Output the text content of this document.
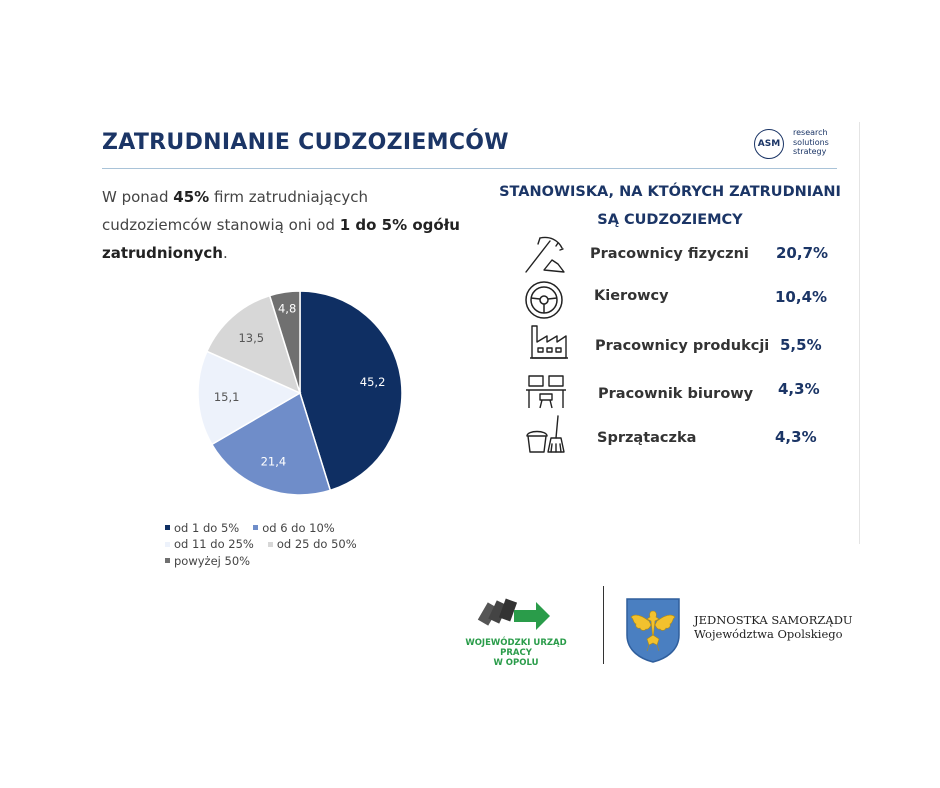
ZATRUDNIANIE CUDZOZIEMCÓW	ASM
research
solutions
strategy
W ponad 45% firm zatrudniających cudzoziemców stanowią oni od 1 do 5% ogółu zatrudnionych.
45,2
21,4
15,1
13,5
4,8
od 1 do 5% od 6 do 10%
od 11 do 25% od 25 do 50%
powyżej 50%
STANOWISKA, NA KTÓRYCH ZATRUDNIANI
SĄ CUDZOZIEMCY
Pracownicy fizyczni 20,7%
Kierowcy	10,4%
Pracownicy produkcji 5,5%
Pracownik biurowy 4,3%
Sprzątaczka	4,3%
WOJEWÓDZKI URZĄD PRACY
W OPOLU
JEDNOSTKA SAMORZĄDU
Województwa Opolskiego
